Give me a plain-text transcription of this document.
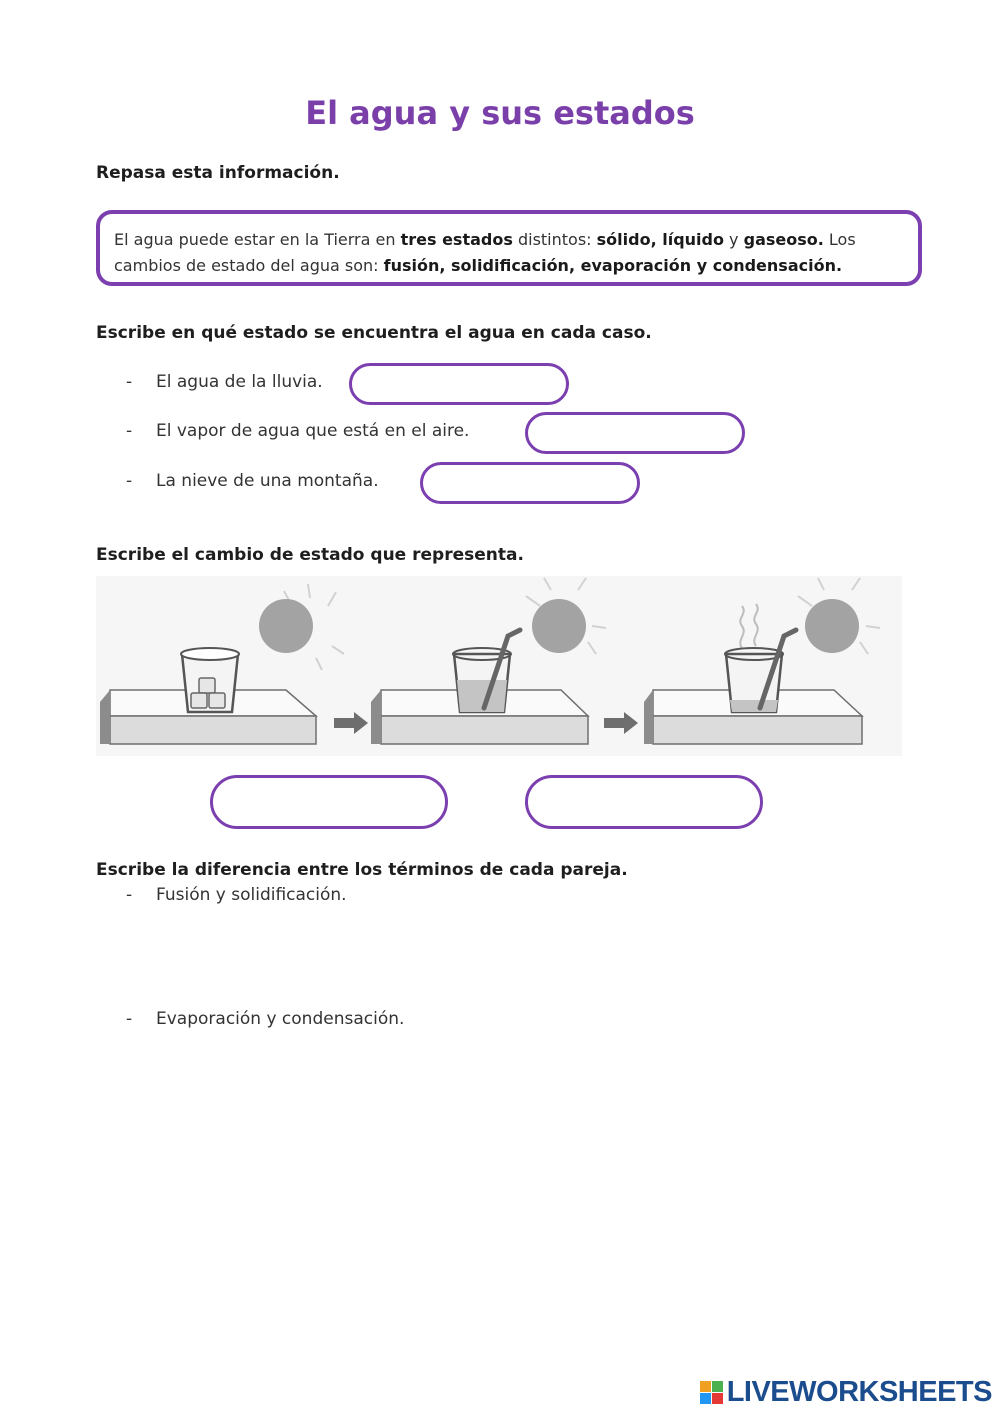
El agua y sus estados
Repasa esta información.

El agua puede estar en la Tierra en tres estados distintos: sólido, líquido y gaseoso. Los cambios de estado del agua son: fusión, solidificación, evaporación y condensación.

Escribe en qué estado se encuentra el agua en cada caso.
- El agua de la lluvia.
- El vapor de agua que está en el aire.
- La nieve de una montaña.
Escribe el cambio de estado que representa.
Escribe la diferencia entre los términos de cada pareja.
- Fusión y solidificación.
- Evaporación y condensación.
LIVEWORKSHEETS
